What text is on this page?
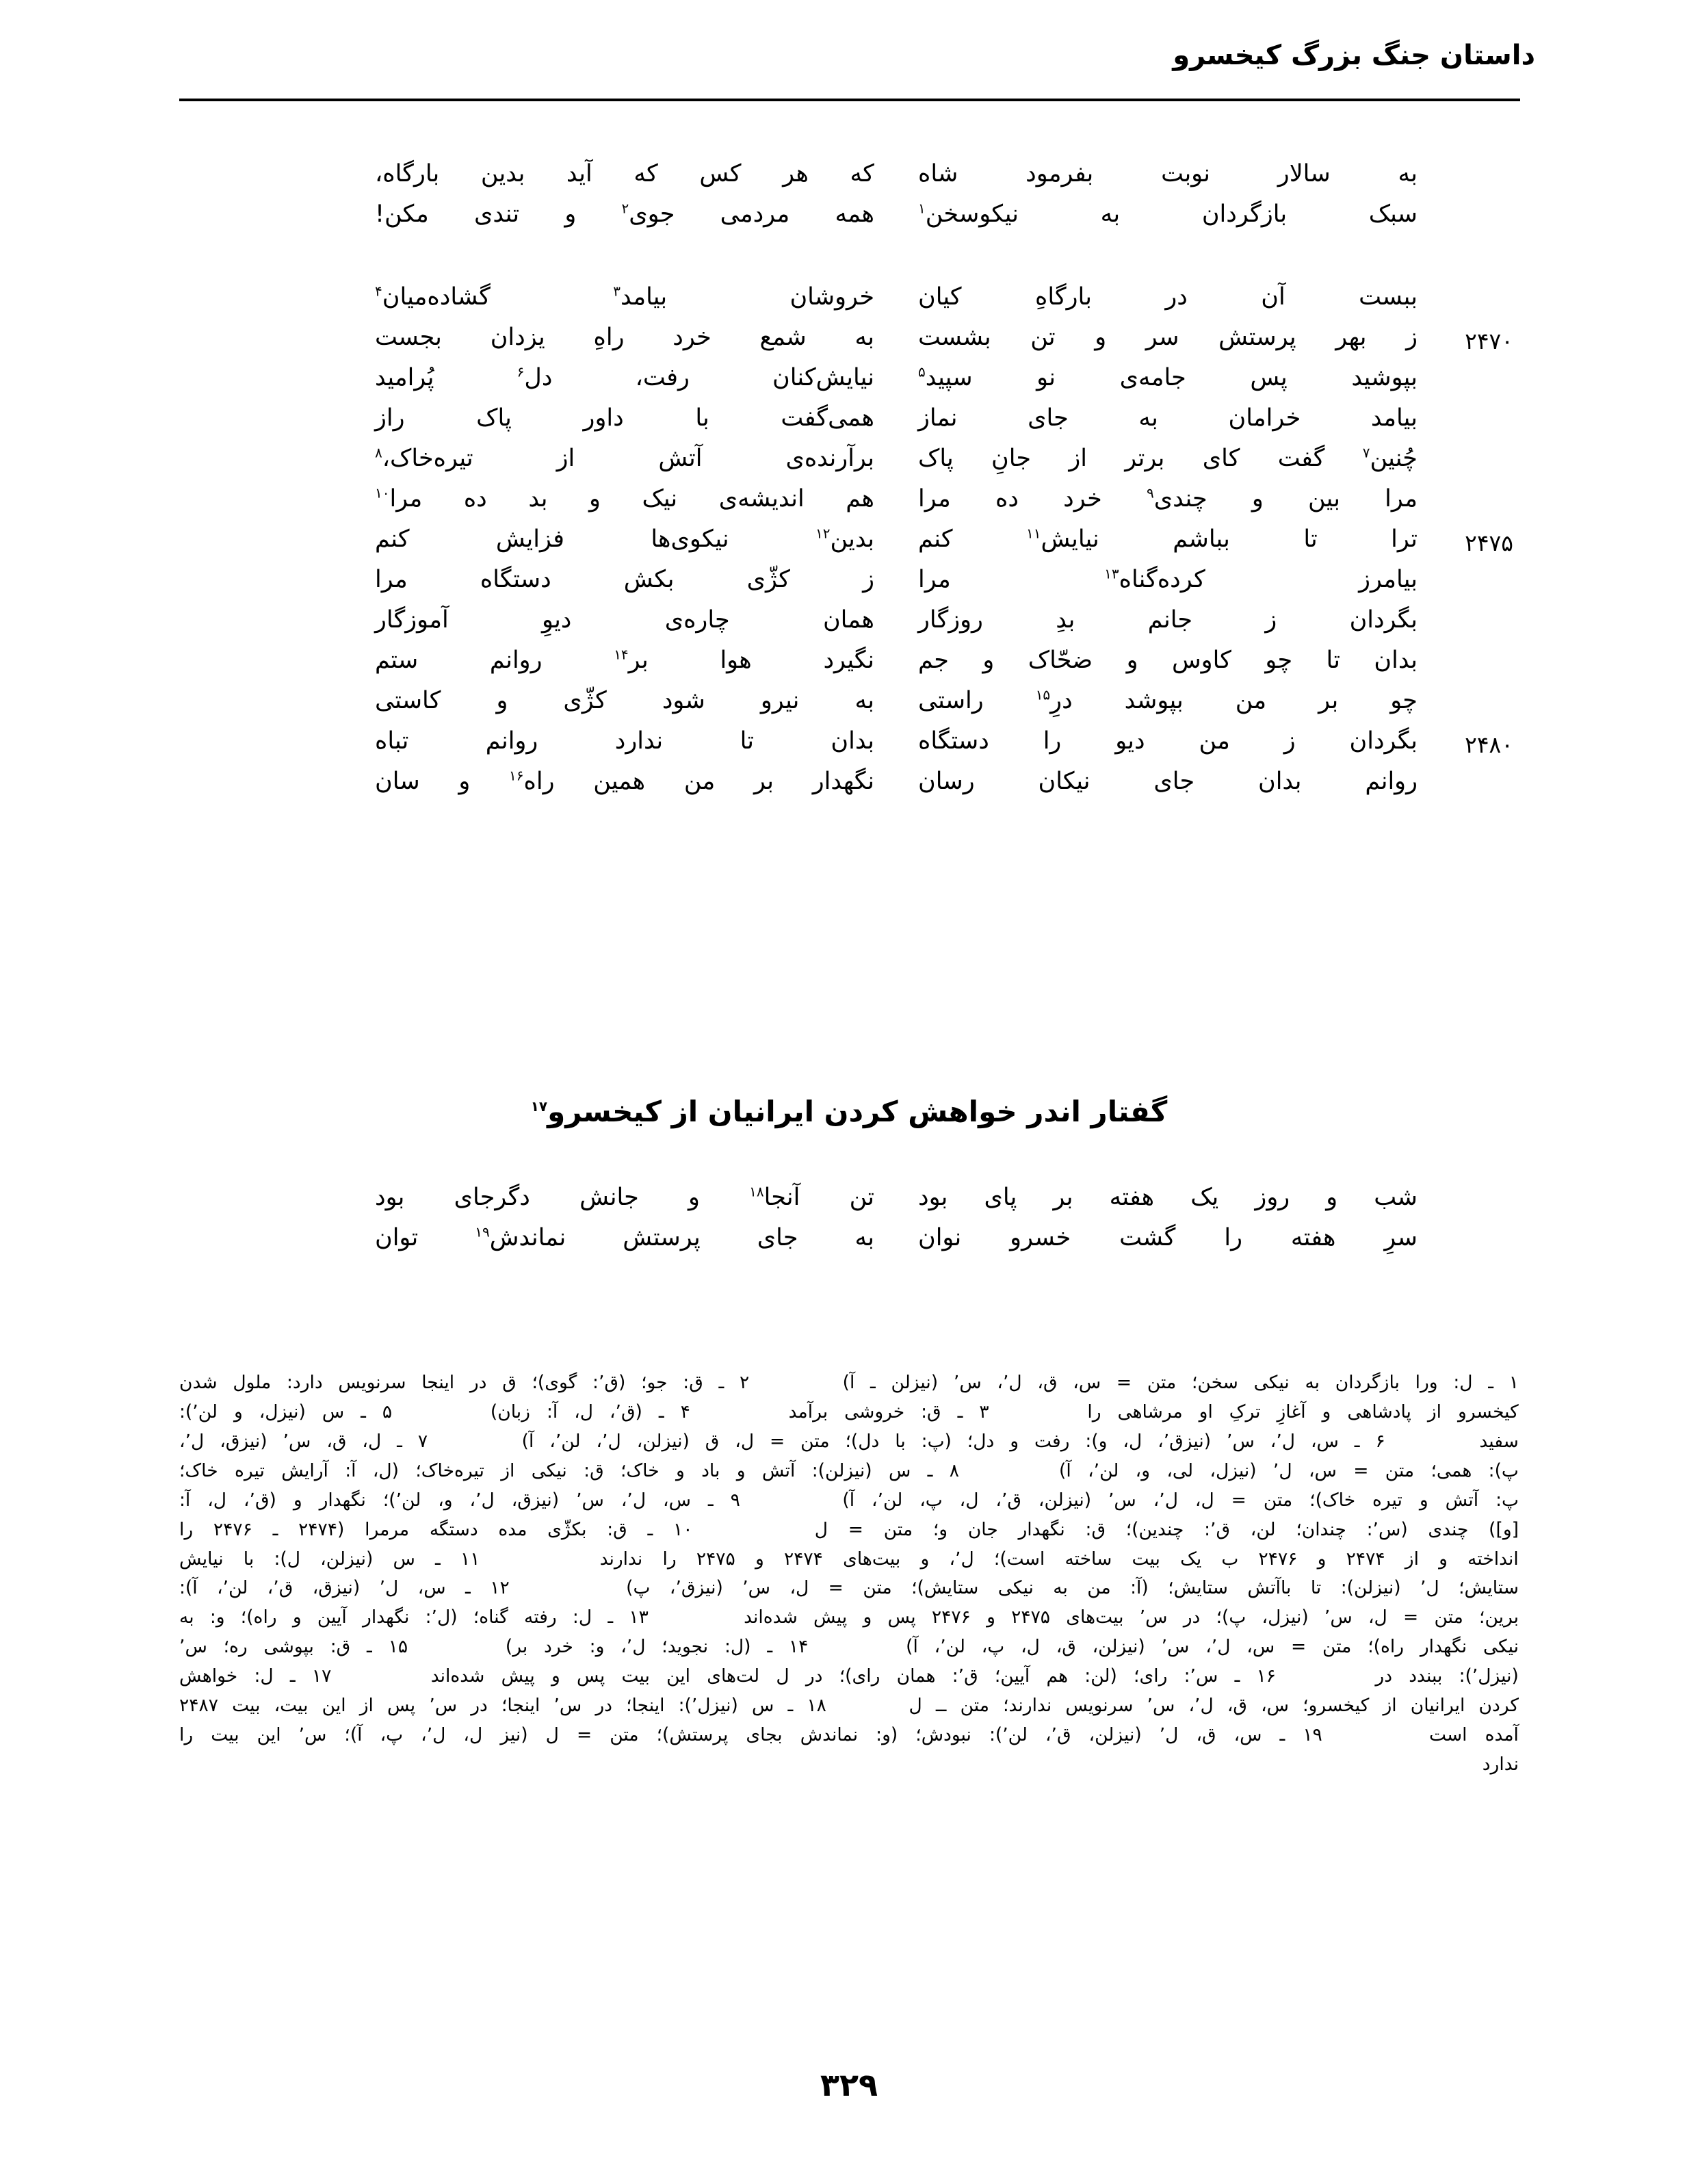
داستان جنگ بزرگ کیخسرو
به سالار نوبت بفرمود شاه
که هر کس که آید بدین بارگاه،
سبک بازگردان به نیکوسخن$^۱$
همه مردمی جوی$^۲$ و تندی مکن!
ببست آن در بارگاهِ کیان
خروشان بیامد$^۳$ گشاده‌میان$^۴$
۲۴۷۰
ز بهر پرستش سر و تن بشست
به شمع خرد راهِ یزدان بجست
بپوشید پس جامه‌ی نو سپید$^۵$
نیایش‌کنان رفت، دل$^۶$ پُرامید
بیامد خرامان به جای نماز
همی‌گفت با داور پاک راز
چُنین$^۷$ گفت کای برتر از جانِ پاک
برآرنده‌ی آتش از تیره‌خاک،$^۸$
مرا بین و چندی$^۹$ خرد ده مرا
هم اندیشه‌ی نیک و بد ده مرا$^{۱۰}$
۲۴۷۵
ترا تا بباشم نیایش$^{۱۱}$ کنم
بدین$^{۱۲}$ نیکوی‌ها فزایش کنم
بیامرز کرده‌گناه$^{۱۳}$ مرا
ز کژّی بکش دستگاه مرا
بگردان ز جانم بدِ روزگار
همان چاره‌ی دیوِ آموزگار
بدان تا چو کاوس و ضحّاک و جم
نگیرد هوا بر$^{۱۴}$ روانم ستم
چو بر من بپوشد درِ$^{۱۵}$ راستی
به نیرو شود کژّی و کاستی
۲۴۸۰
بگردان ز من دیو را دستگاه
بدان تا ندارد روانم تباه
روانم بدان جای نیکان رسان
نگهدار بر من همین راه$^{۱۶}$ و سان
گفتار اندر خواهش کردن ایرانیان از کیخسرو$^{۱۷}$
شب و روز یک هفته بر پای بود
تن آنجا$^{۱۸}$ و جانش دگرجای بود
سرِ هفته را گشت خسرو نوان
به جای پرستش نماندش$^{۱۹}$ توان
۱ ـ ل: ورا بازگردان به نیکی سخن؛ متن = س، ق، ل٬، س٬ (نیزلن ـ آ)      ۲ ـ ق: جو؛ (ق٬: گوی)؛ ق در اینجا سرنویس دارد: ملول شدن
کیخسرو از پادشاهی و آغازِ ترکِ او مرشاهی را      ۳ ـ ق: خروشی برآمد      ۴ ـ (ق٬، ل، آ: زبان)      ۵ ـ س (نیزل، و لن٬):
سفید      ۶ ـ س، ل٬، س٬ (نیزق٬، ل، و): رفت و دل؛ (پ: با دل)؛ متن = ل، ق (نیزلن، ل٬، لن٬، آ)      ۷ ـ ل، ق، س٬ (نیزق، ل٬،
پ): همی؛ متن = س، ل٬ (نیزل، لی، و، لن٬، آ)      ۸ ـ س (نیزلن): آتش و باد و خاک؛ ق: نیکی از تیره‌خاک؛ (ل، آ: آرایش تیره خاک؛
پ: آتش و تیره خاک)؛ متن = ل، ل٬، س٬ (نیزلن، ق٬، ل، پ، لن٬، آ)      ۹ ـ س، ل٬، س٬ (نیزق، ل٬، و، لن٬)؛ نگهدار و (ق٬، ل، آ:
[و]) چندی (س٬: چندان؛ لن، ق٬: چندین)؛ ق: نگهدار جان و؛ متن = ل      ۱۰ ـ ق: بکژّی مده دستگه مرمرا (۲۴۷۴ ـ ۲۴۷۶ را
انداخته و از ۲۴۷۴ و ۲۴۷۶ ب یک بیت ساخته است)؛ ل٬، و بیت‌های ۲۴۷۴ و ۲۴۷۵ را ندارند      ۱۱ ـ س (نیزلن، ل): با نیایش
ستایش؛ ل٬ (نیزلن): تا باآتش ستایش؛ (آ: من به نیکی ستایش)؛ متن = ل، س٬ (نیزق٬، پ)      ۱۲ ـ س، ل٬ (نیزق، ق٬، لن٬، آ):
برین؛ متن = ل، س٬ (نیزل، پ)؛ در س٬ بیت‌های ۲۴۷۵ و ۲۴۷۶ پس و پیش شده‌اند      ۱۳ ـ ل: رفته گناه؛ (ل٬: نگهدار آیین و راه)؛ و: به
نیکی نگهدار راه)؛ متن = س، ل٬، س٬ (نیزلن، ق، ل، پ، لن٬، آ)      ۱۴ ـ (ل: نجوید؛ ل٬، و: خرد بر)      ۱۵ ـ ق: بپوشی ره؛ س٬
(نیزل٬): ببندد در      ۱۶ ـ س٬: رای؛ (لن: هم آیین؛ ق٬: همان رای)؛ در ل لت‌های این بیت پس و پیش شده‌اند      ۱۷ ـ ل: خواهش
کردن ایرانیان از کیخسرو؛ س، ق، ل٬، س٬ سرنویس ندارند؛ متن ــ ل      ۱۸ ـ س (نیزل٬): اینجا؛ در س٬ اینجا؛ در س٬ پس از این بیت، بیت ۲۴۸۷
آمده است      ۱۹ ـ س، ق، ل٬ (نیزلن، ق٬، لن٬): نبودش؛ (و: نماندش بجای پرستش)؛ متن = ل (نیز ل، ل٬، پ، آ)؛ س٬ این بیت را
ندارد
۳۲۹
